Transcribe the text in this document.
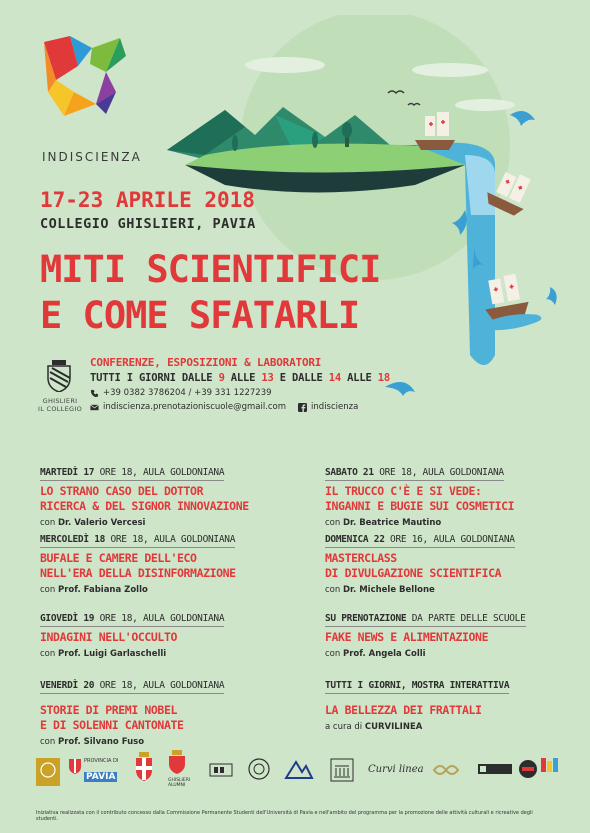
INDISCIENZA
17-23 APRILE 2018
COLLEGIO GHISLIERI, PAVIA
MITI SCIENTIFICI
E COME SFATARLI
GHISLIERI
IL COLLEGIO
CONFERENZE, ESPOSIZIONI & LABORATORI
TUTTI I GIORNI DALLE 9 ALLE 13 E DALLE 14 ALLE 18
+39 0382 3786204 / +39 331 1227239
indiscienza.prenotazioniscuole@gmail.com	indiscienza
MARTEDÌ 17 ORE 18, AULA GOLDONIANA
LO STRANO CASO DEL DOTTOR
RICERCA & DEL SIGNOR INNOVAZIONE
con Dr. Valerio Vercesi
SABATO 21 ORE 18, AULA GOLDONIANA
IL TRUCCO C'È E SI VEDE:
INGANNI E BUGIE SUI COSMETICI
con Dr. Beatrice Mautino
MERCOLEDÌ 18 ORE 18, AULA GOLDONIANA
BUFALE E CAMERE DELL'ECO
NELL'ERA DELLA DISINFORMAZIONE
con Prof. Fabiana Zollo
DOMENICA 22 ORE 16, AULA GOLDONIANA
MASTERCLASS
DI DIVULGAZIONE SCIENTIFICA
con Dr. Michele Bellone
GIOVEDÌ 19 ORE 18, AULA GOLDONIANA
INDAGINI NELL'OCCULTO
con Prof. Luigi Garlaschelli
SU PRENOTAZIONE DA PARTE DELLE SCUOLE
FAKE NEWS E ALIMENTAZIONE
con Prof. Angela Colli
VENERDÌ 20 ORE 18, AULA GOLDONIANA
STORIE DI PREMI NOBEL
E DI SOLENNI CANTONATE
con Prof. Silvano Fuso
TUTTI I GIORNI, MOSTRA INTERATTIVA
LA BELLEZZA DEI FRATTALI
a cura di CURVILINEA
PROVINCIA DI
PAVIA	GHISLIERI
ALUMNI
Curvi linea
Iniziativa realizzata con il contributo concesso dalla Commissione Permanente Studenti dell'Università di Pavia e nell'ambito del programma per la promozione delle attività culturali e ricreative degli studenti.
